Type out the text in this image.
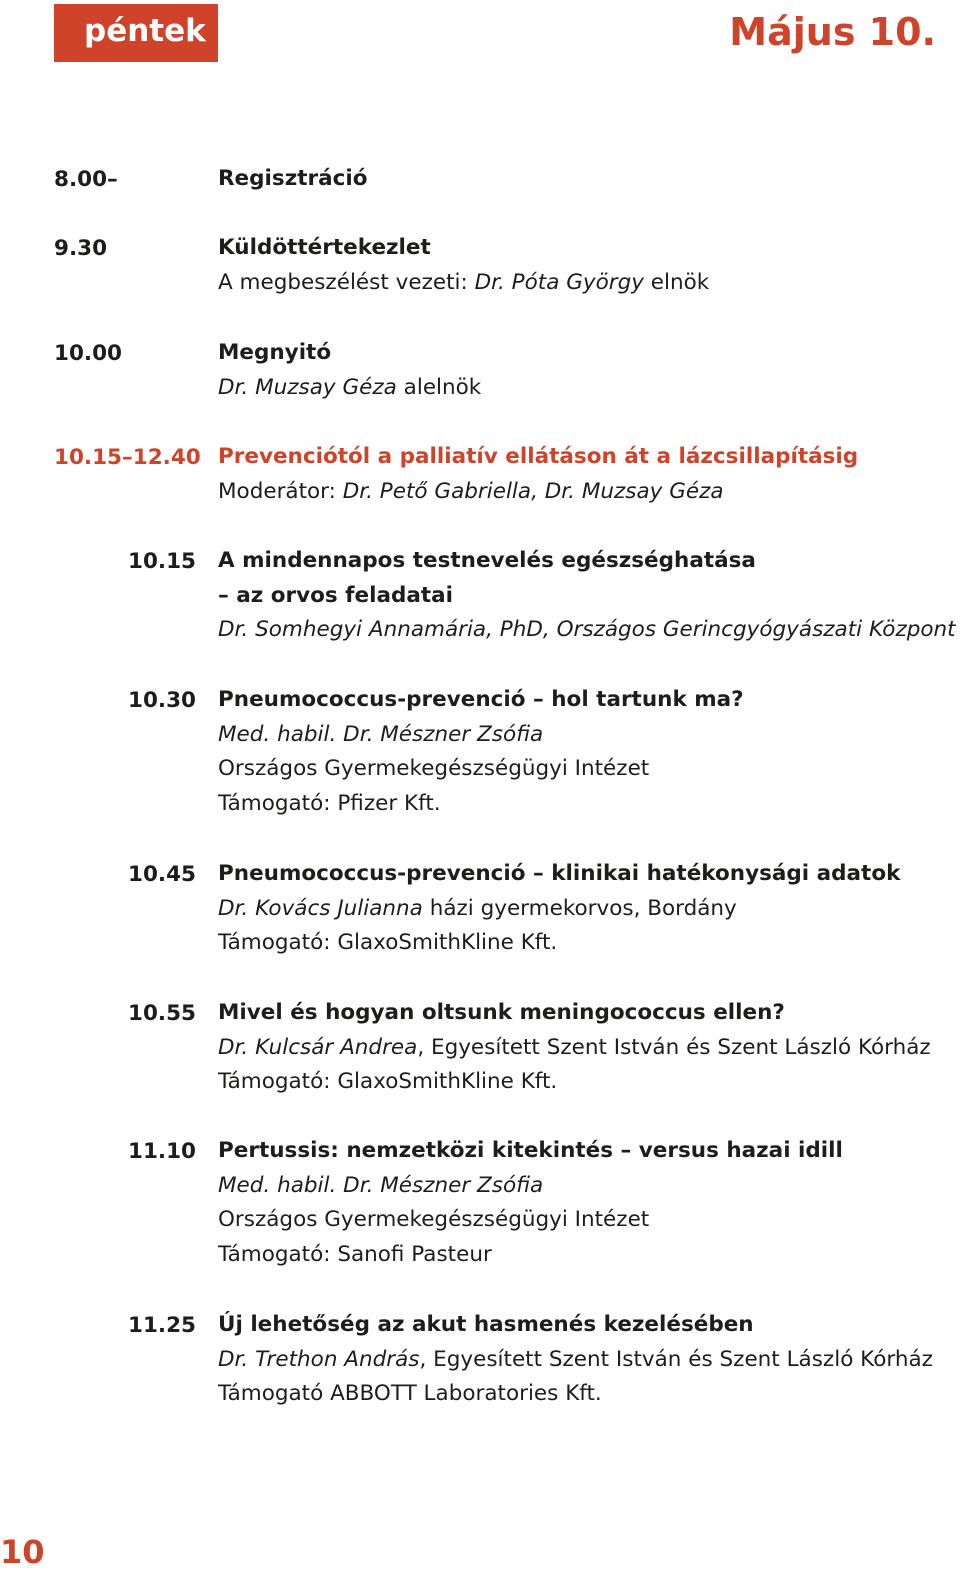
péntek	Május 10.
8.00–	Regisztráció
9.30	Küldöttértekezlet
A megbeszélést vezeti: Dr. Póta György elnök
10.00	Megnyitó
Dr. Muzsay Géza alelnök
10.15–12.40 Prevenciótól a palliatív ellátáson át a lázcsillapításig
Moderátor: Dr. Pető Gabriella, Dr. Muzsay Géza
10.15 A mindennapos testnevelés egészséghatása
– az orvos feladatai
Dr. Somhegyi Annamária, PhD, Országos Gerincgyógyászati Központ
10.30 Pneumococcus-prevenció – hol tartunk ma?
Med. habil. Dr. Mészner Zsófia
Országos Gyermekegészségügyi Intézet
Támogató: Pfizer Kft.
10.45 Pneumococcus-prevenció – klinikai hatékonysági adatok
Dr. Kovács Julianna házi gyermekorvos, Bordány
Támogató: GlaxoSmithKline Kft.
10.55 Mivel és hogyan oltsunk meningococcus ellen?
Dr. Kulcsár Andrea, Egyesített Szent István és Szent László Kórház
Támogató: GlaxoSmithKline Kft.
11.10 Pertussis: nemzetközi kitekintés – versus hazai idill
Med. habil. Dr. Mészner Zsófia
Országos Gyermekegészségügyi Intézet
Támogató: Sanofi Pasteur
11.25 Új lehetőség az akut hasmenés kezelésében
Dr. Trethon András, Egyesített Szent István és Szent László Kórház
Támogató ABBOTT Laboratories Kft.
10
